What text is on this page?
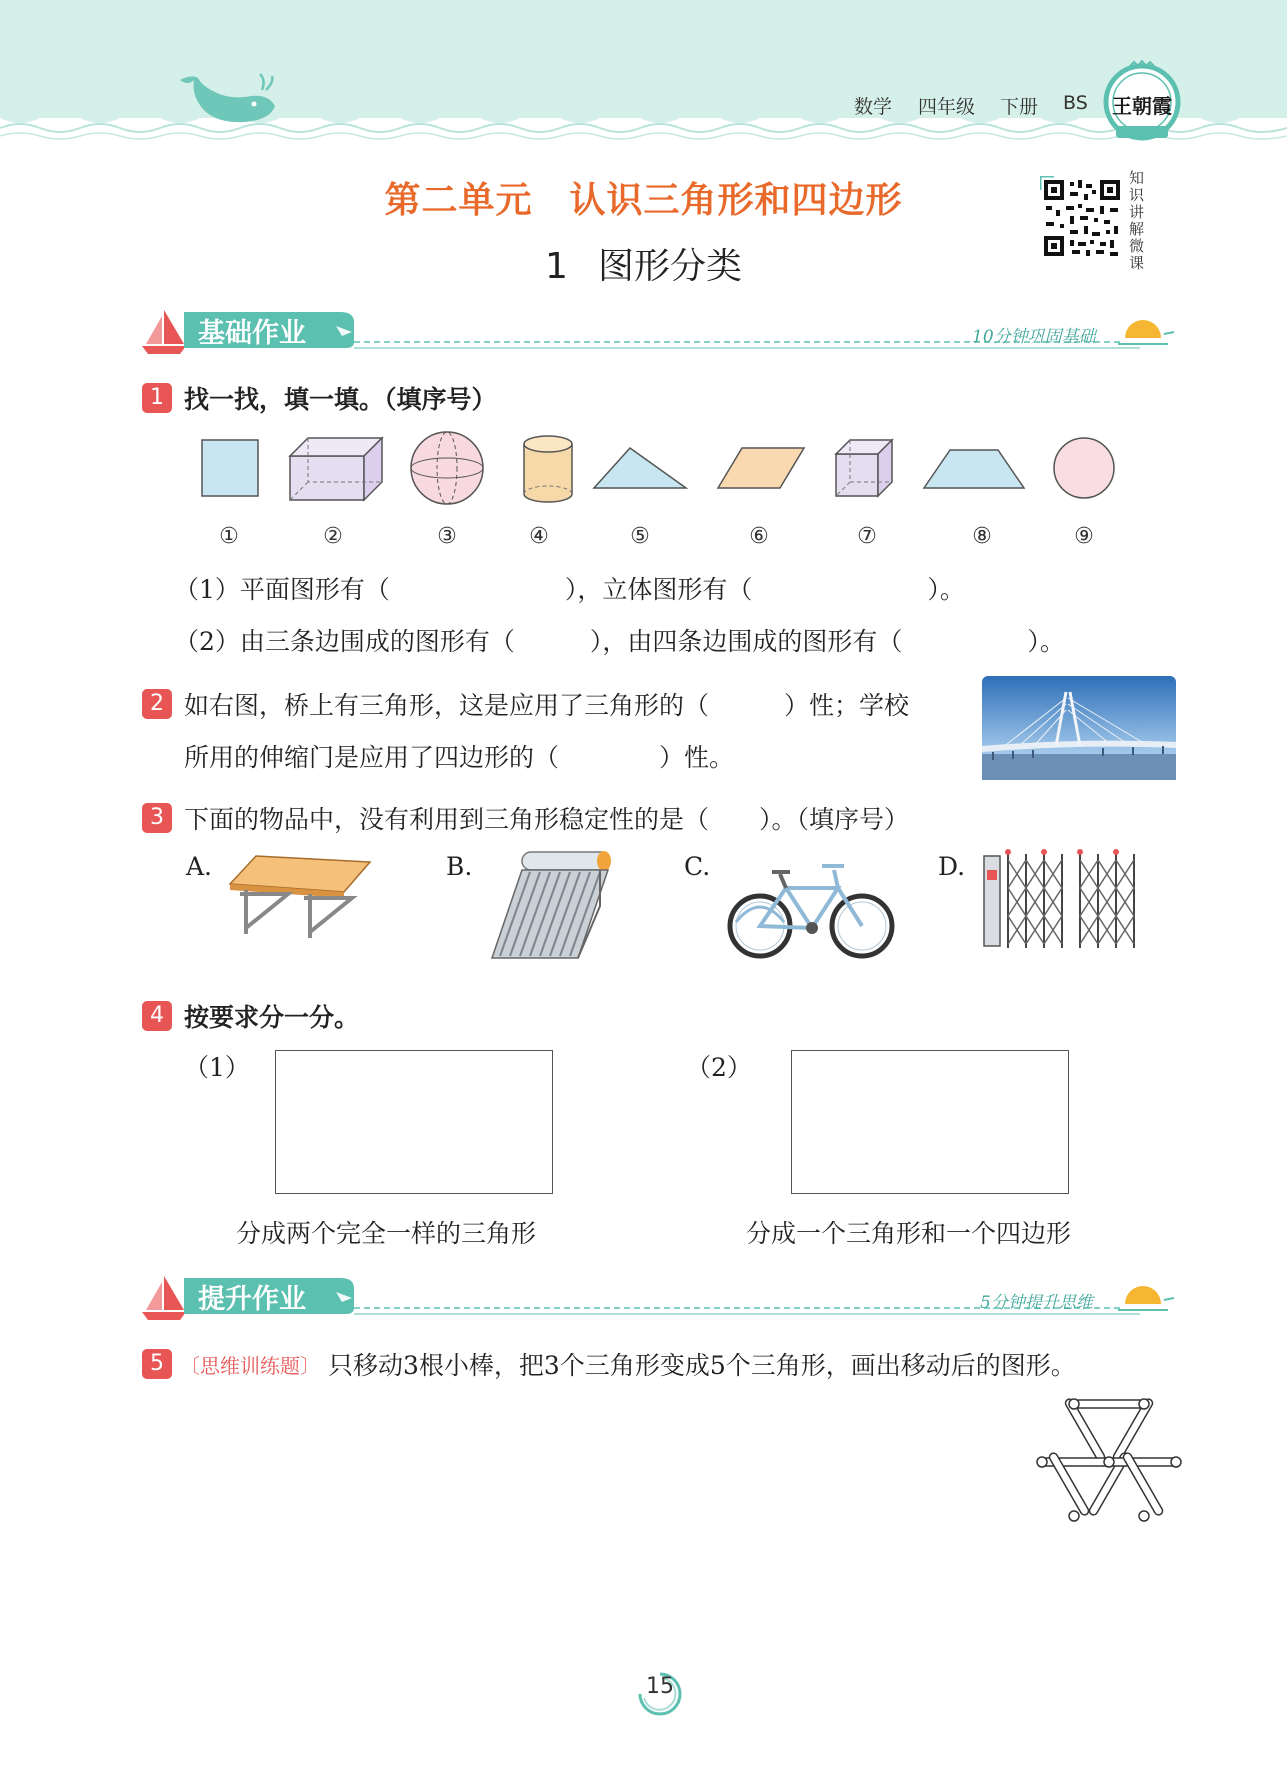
数学 四年级 下册 BS	王朝霞
第二单元　认识三角形和四边形
1 图形分类
知识讲解微课
基础作业	10分钟巩固基础
1 找一找，填一填。（填序号）
①	②	③	④	⑤	⑥	⑦	⑧	⑨
（1）平面图形有（　　　　　　　），立体图形有（　　　　　　　）。
（2）由三条边围成的图形有（　　　），由四条边围成的图形有（　　　　　）。
2 如右图，桥上有三角形，这是应用了三角形的（　　　）性；学校
所用的伸缩门是应用了四边形的（　　　　）性。
3 下面的物品中，没有利用到三角形稳定性的是（　　）。（填序号）
A.	B.	C.	D.
4 按要求分一分。
（1）	（2）
分成两个完全一样的三角形	分成一个三角形和一个四边形
提升作业	5分钟提升思维
5 〔思维训练题〕 只移动3根小棒，把3个三角形变成5个三角形，画出移动后的图形。
15
